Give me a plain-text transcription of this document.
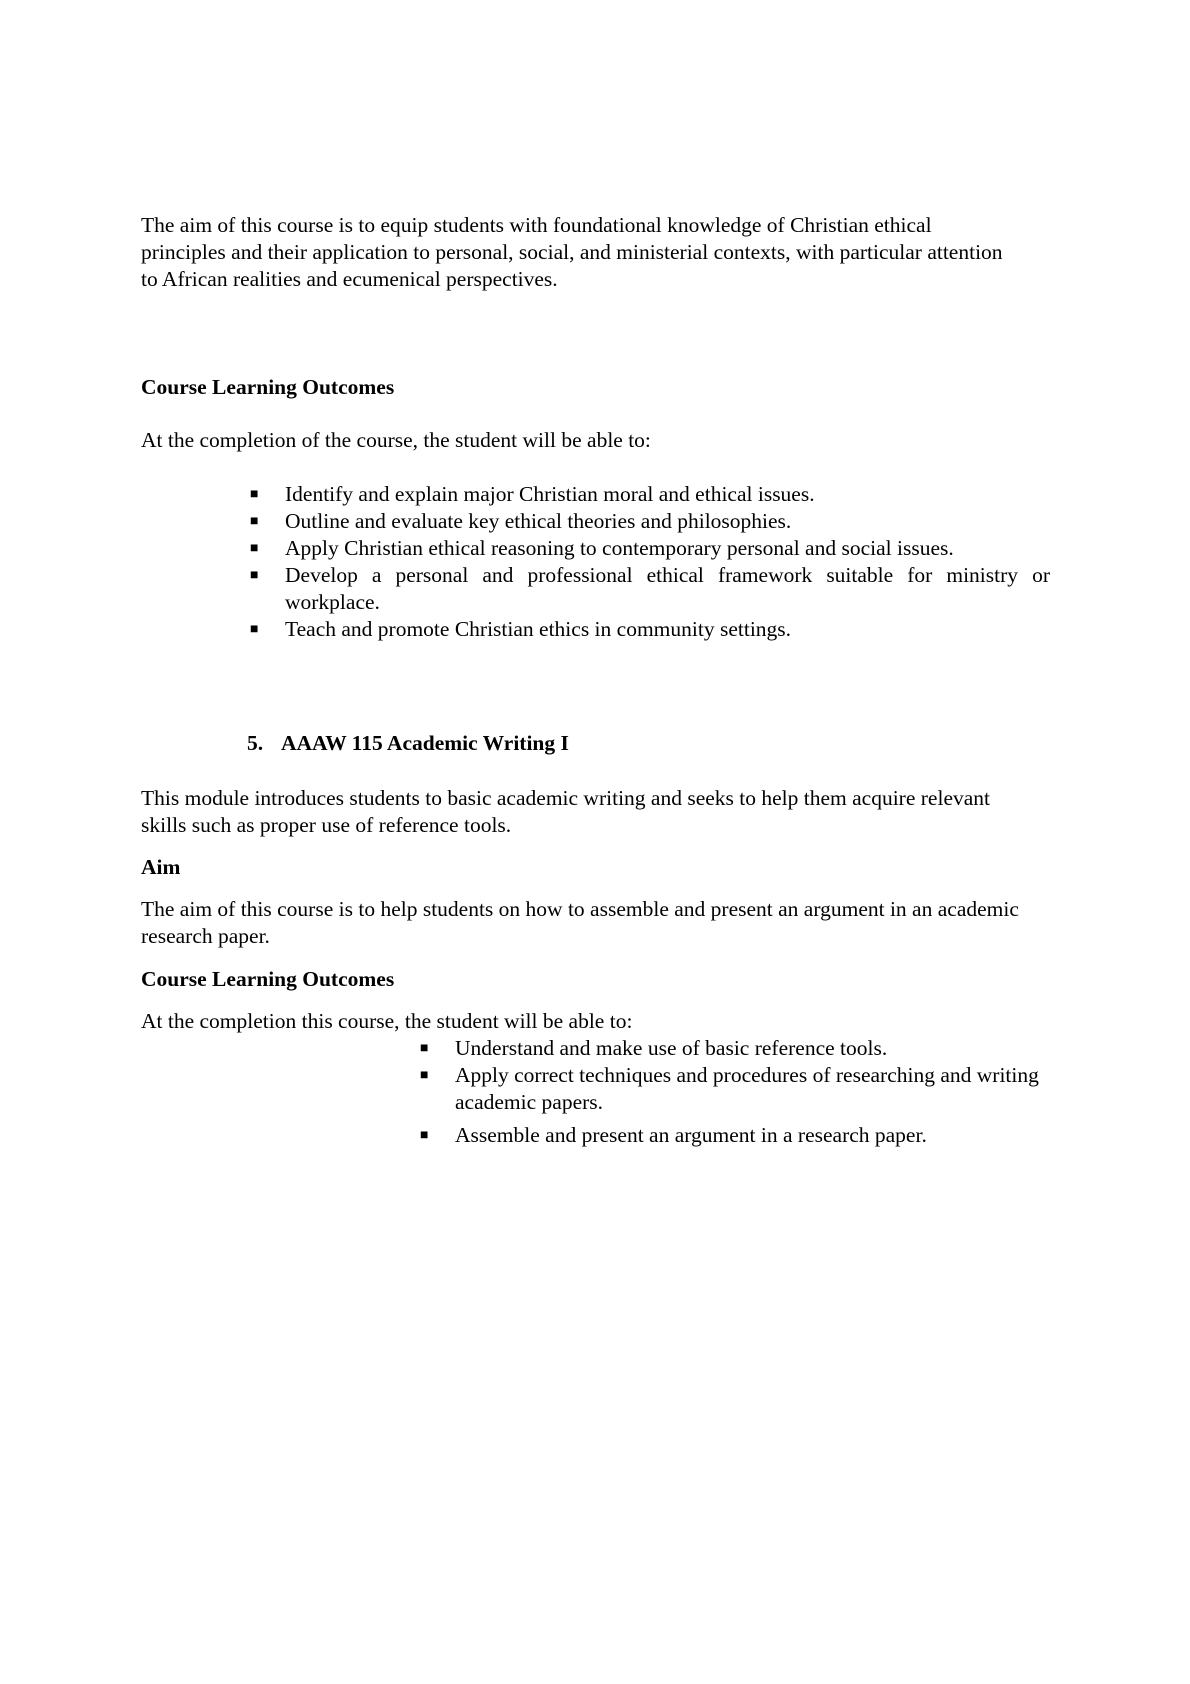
The aim of this course is to equip students with foundational knowledge of Christian ethical principles and their application to personal, social, and ministerial contexts, with particular attention to African realities and ecumenical perspectives.

Course Learning Outcomes
At the completion of the course, the student will be able to:
■ Identify and explain major Christian moral and ethical issues.
■ Outline and evaluate key ethical theories and philosophies.
■ Apply Christian ethical reasoning to contemporary personal and social issues.
■ Develop a personal and professional ethical framework suitable for ministry or workplace.
■ Teach and promote Christian ethics in community settings.
5. AAAW 115 Academic Writing I
This module introduces students to basic academic writing and seeks to help them acquire relevant skills such as proper use of reference tools.
Aim
The aim of this course is to help students on how to assemble and present an argument in an academic research paper.
Course Learning Outcomes
At the completion this course, the student will be able to:
■ Understand and make use of basic reference tools.
■ Apply correct techniques and procedures of researching and writing academic papers.
■ Assemble and present an argument in a research paper.
